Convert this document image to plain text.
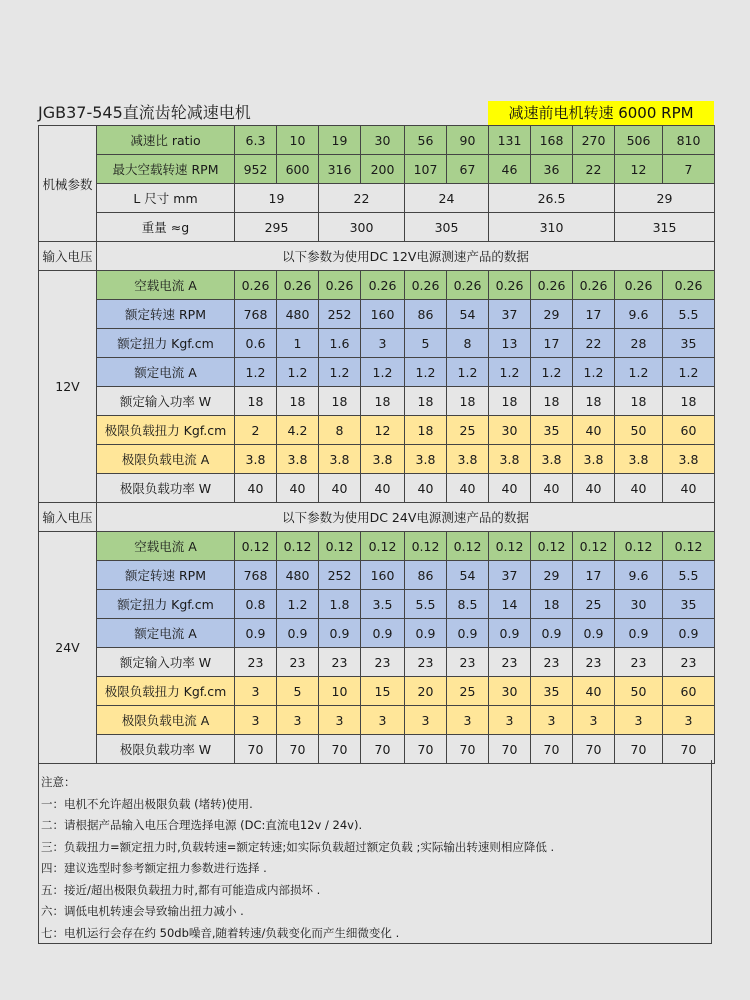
JGB37-545直流齿轮减速电机	减速前电机转速 6000 RPM
机械参数	减速比 ratio	6.3	10	19	30	56	90	131	168	270	506	810
	最大空载转速 RPM	952	600	316	200	107	67	46	36	22	12	7
	L 尺寸 mm	19		22		24		26.5			29	
	重量 ≈g	295		300		305		310			315	
输入电压	以下参数为使用DC 12V电源测速产品的数据											
12V	空载电流 A	0.26	0.26	0.26	0.26	0.26	0.26	0.26	0.26	0.26	0.26	0.26
	额定转速 RPM	768	480	252	160	86	54	37	29	17	9.6	5.5
	额定扭力 Kgf.cm	0.6	1	1.6	3	5	8	13	17	22	28	35
	额定电流 A	1.2	1.2	1.2	1.2	1.2	1.2	1.2	1.2	1.2	1.2	1.2
	额定输入功率 W	18	18	18	18	18	18	18	18	18	18	18
	极限负载扭力 Kgf.cm	2	4.2	8	12	18	25	30	35	40	50	60
	极限负载电流 A	3.8	3.8	3.8	3.8	3.8	3.8	3.8	3.8	3.8	3.8	3.8
	极限负载功率 W	40	40	40	40	40	40	40	40	40	40	40
输入电压	以下参数为使用DC 24V电源测速产品的数据											
24V	空载电流 A	0.12	0.12	0.12	0.12	0.12	0.12	0.12	0.12	0.12	0.12	0.12
	额定转速 RPM	768	480	252	160	86	54	37	29	17	9.6	5.5
	额定扭力 Kgf.cm	0.8	1.2	1.8	3.5	5.5	8.5	14	18	25	30	35
	额定电流 A	0.9	0.9	0.9	0.9	0.9	0.9	0.9	0.9	0.9	0.9	0.9
	额定输入功率 W	23	23	23	23	23	23	23	23	23	23	23
	极限负载扭力 Kgf.cm	3	5	10	15	20	25	30	35	40	50	60
	极限负载电流 A	3	3	3	3	3	3	3	3	3	3	3
	极限负载功率 W	70	70	70	70	70	70	70	70	70	70	70
注意：
一：电机不允许超出极限负载 (堵转)使用.
二：请根据产品输入电压合理选择电源 (DC:直流电12v / 24v).
三：负载扭力=额定扭力时,负载转速=额定转速;如实际负载超过额定负载 ;实际输出转速则相应降低 .
四：建议选型时参考额定扭力参数进行选择 .
五：接近/超出极限负载扭力时,都有可能造成内部损坏 .
六：调低电机转速会导致输出扭力减小 .
七：电机运行会存在约 50db噪音,随着转速/负载变化而产生细微变化 .
